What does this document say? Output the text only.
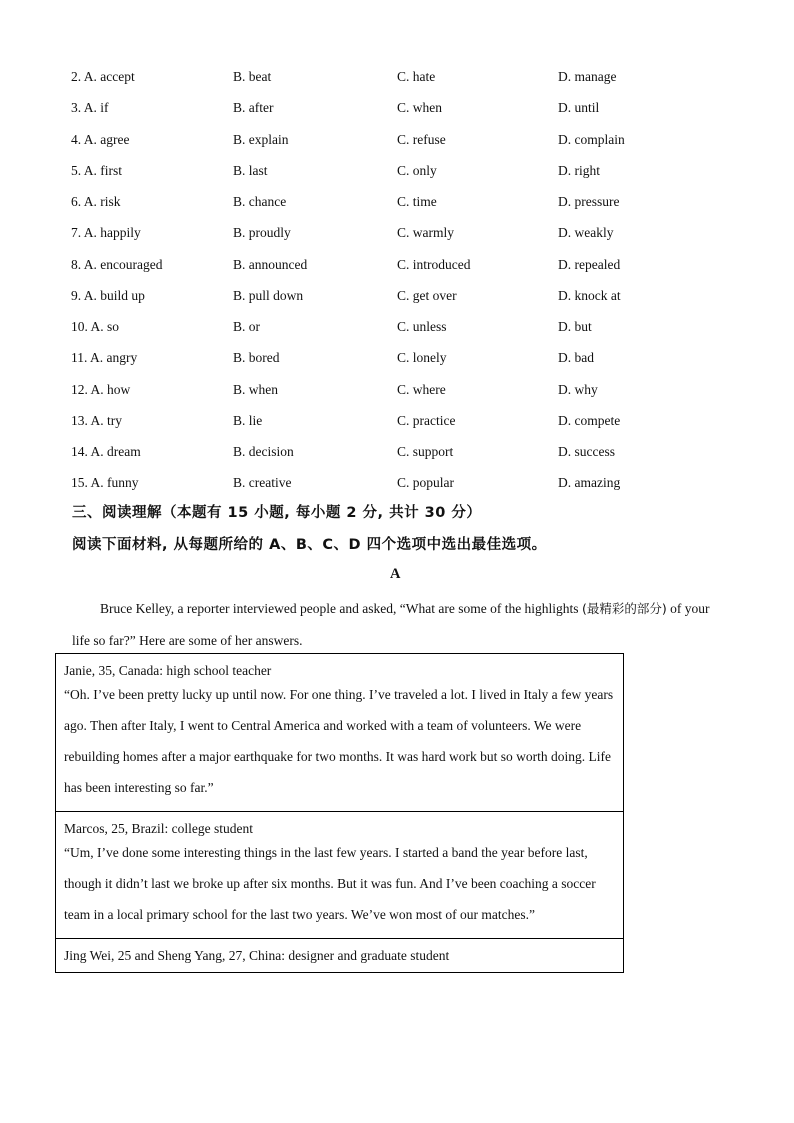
2. A. accept	B. beat	C. hate	D. manage
3. A. if	B. after	C. when	D. until
4. A. agree	B. explain	C. refuse	D. complain
5. A. first	B. last	C. only	D. right
6. A. risk	B. chance	C. time	D. pressure
7. A. happily	B. proudly	C. warmly	D. weakly
8. A. encouraged	B. announced	C. introduced	D. repealed
9. A. build up	B. pull down	C. get over	D. knock at
10. A. so	B. or	C. unless	D. but
11. A. angry	B. bored	C. lonely	D. bad
12. A. how	B. when	C. where	D. why
13. A. try	B. lie	C. practice	D. compete
14. A. dream	B. decision	C. support	D. success
15. A. funny	B. creative	C. popular	D. amazing
三、阅读理解（本题有 15 小题, 每小题 2 分, 共计 30 分）
阅读下面材料, 从每题所给的 A、B、C、D 四个选项中选出最佳选项。
A
Bruce Kelley, a reporter interviewed people and asked, “What are some of the highlights (最精彩的部分) of your life so far?” Here are some of her answers.
Janie, 35, Canada: high school teacher
“Oh. I’ve been pretty lucky up until now. For one thing. I’ve traveled a lot. I lived in Italy a few years ago. Then after Italy, I went to Central America and worked with a team of volunteers. We were rebuilding homes after a major earthquake for two months. It was hard work but so worth doing. Life has been interesting so far.”
Marcos, 25, Brazil: college student
“Um, I’ve done some interesting things in the last few years. I started a band the year before last, though it didn’t last we broke up after six months. But it was fun. And I’ve been coaching a soccer team in a local primary school for the last two years. We’ve won most of our matches.”
Jing Wei, 25 and Sheng Yang, 27, China: designer and graduate student
